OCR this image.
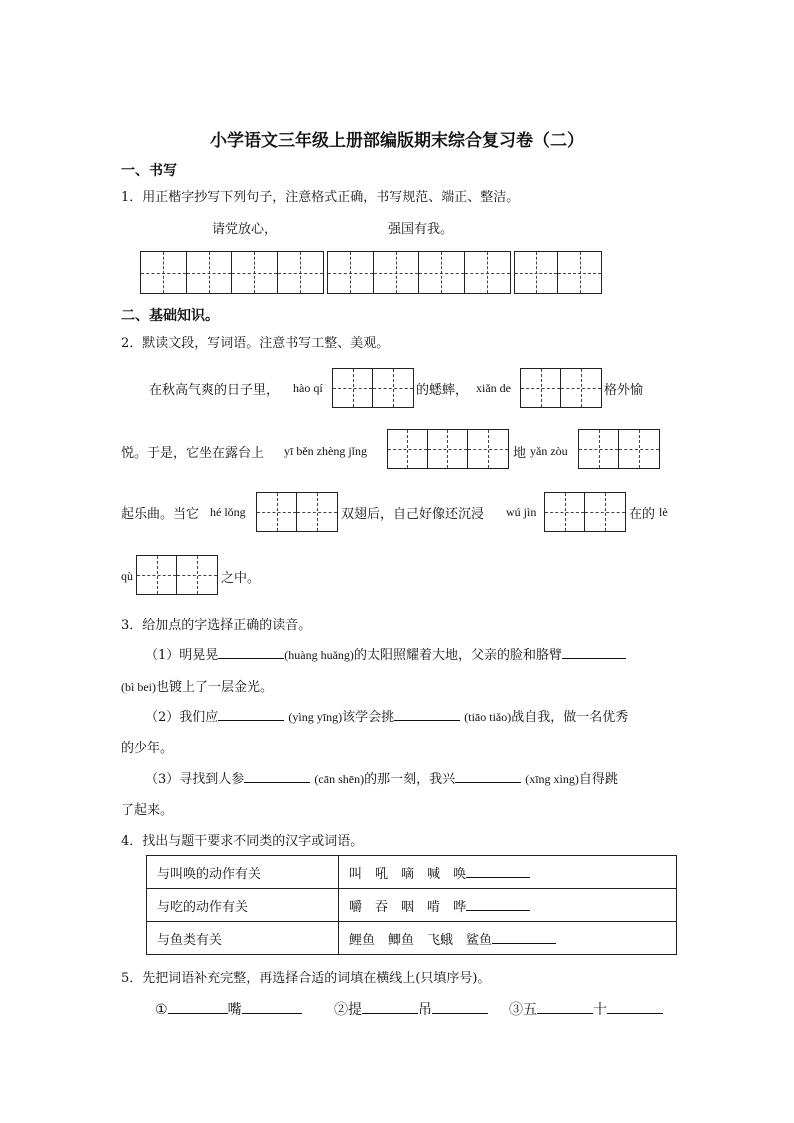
小学语文三年级上册部编版期末综合复习卷（二）
一、书写
1．用正楷字抄写下列句子，注意格式正确，书写规范、端正、整洁。
请党放心，	强国有我。
二、基础知识。
2．默读文段，写词语。注意书写工整、美观。
在秋高气爽的日子里， hào qí	的蟋蟀， xiǎn de	格外愉
悦。于是，它坐在露台上 yī běn zhèng jǐng	地 yǎn zòu
起乐曲。当它 hé lǒng	双翅后，自己好像还沉浸 wú jìn	在的 lè
qù	之中。
3．给加点的字选择正确的读音。
（1）明晃晃	(huàng huǎng)的太阳照耀着大地，父亲的脸和胳臂
(bì bei)也镀上了一层金光。
（2）我们应	(yìng yīng)该学会挑	(tiāo tiǎo)战自我，做一名优秀
的少年。
（3）寻找到人参	(cān shēn)的那一刻，我兴	(xīng xìng)自得跳
了起来。
4．找出与题干要求不同类的汉字或词语。
与叫唤的动作有关	叫 吼 嘀 喊 唤
与吃的动作有关	嚼 吞 咽 啃 哗
与鱼类有关	鲤鱼 鲫鱼 飞蛾 鲨鱼
5．先把词语补充完整，再选择合适的词填在横线上(只填序号)。
①	嘴	②提	吊	③五	十
